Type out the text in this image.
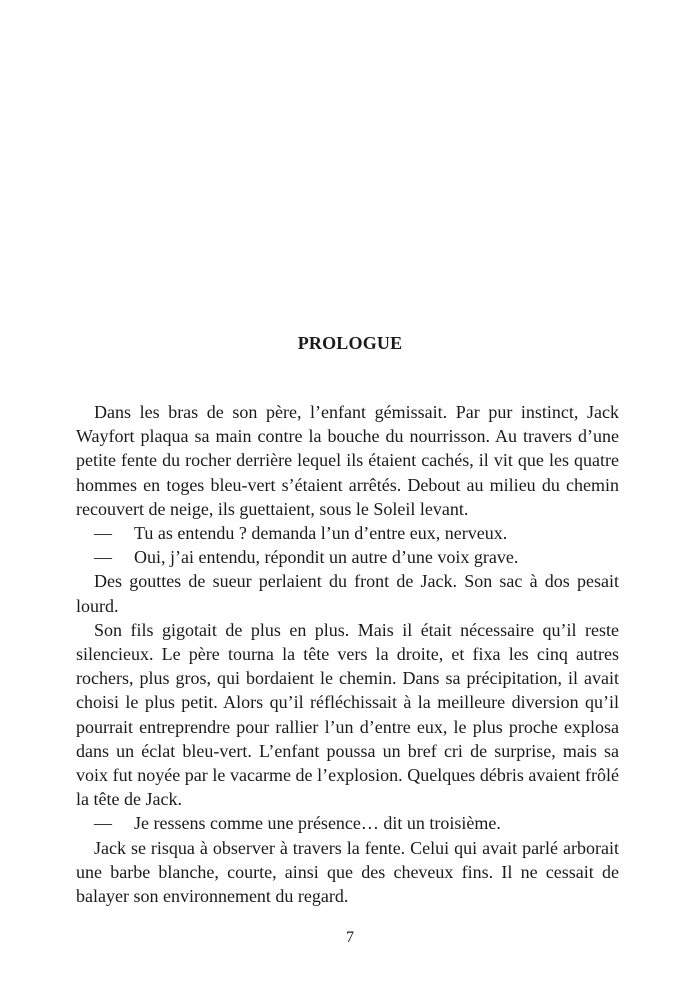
PROLOGUE

Dans les bras de son père, l’enfant gémissait. Par pur instinct, Jack Wayfort plaqua sa main contre la bouche du nourrisson. Au travers d’une petite fente du rocher derrière lequel ils étaient cachés, il vit que les quatre hommes en toges bleu-vert s’étaient arrêtés. Debout au milieu du chemin recouvert de neige, ils guettaient, sous le Soleil levant.

— Tu as entendu ? demanda l’un d’entre eux, nerveux.

— Oui, j’ai entendu, répondit un autre d’une voix grave.

Des gouttes de sueur perlaient du front de Jack. Son sac à dos pesait lourd.

Son fils gigotait de plus en plus. Mais il était nécessaire qu’il reste silencieux. Le père tourna la tête vers la droite, et fixa les cinq autres rochers, plus gros, qui bordaient le chemin. Dans sa précipitation, il avait choisi le plus petit. Alors qu’il réfléchissait à la meilleure diversion qu’il pourrait entreprendre pour rallier l’un d’entre eux, le plus proche explosa dans un éclat bleu-vert. L’enfant poussa un bref cri de surprise, mais sa voix fut noyée par le vacarme de l’explosion. Quelques débris avaient frôlé la tête de Jack.

— Je ressens comme une présence… dit un troisième.

Jack se risqua à observer à travers la fente. Celui qui avait parlé arborait une barbe blanche, courte, ainsi que des cheveux fins. Il ne cessait de balayer son environnement du regard.

7
